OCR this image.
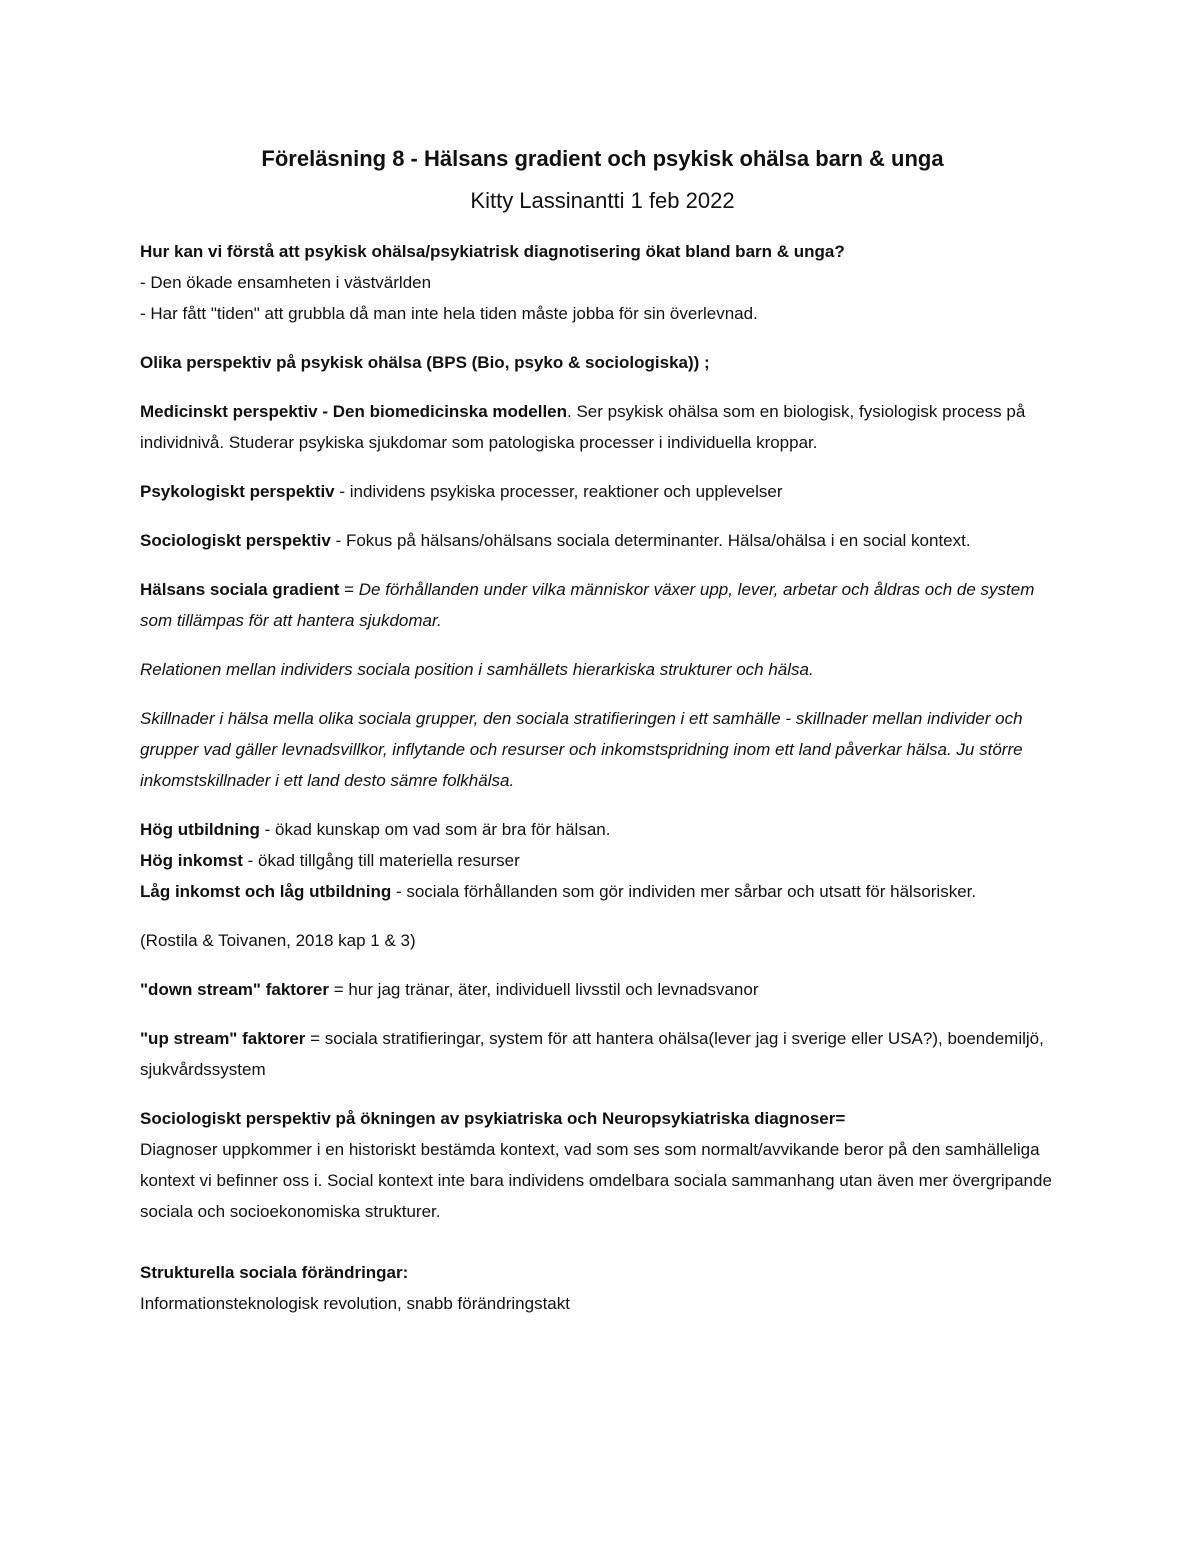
Föreläsning 8 - Hälsans gradient och psykisk ohälsa barn & unga
Kitty Lassinantti 1 feb 2022

Hur kan vi förstå att psykisk ohälsa/psykiatrisk diagnotisering ökat bland barn & unga?
- Den ökade ensamheten i västvärlden
- Har fått "tiden" att grubbla då man inte hela tiden måste jobba för sin överlevnad.

Olika perspektiv på psykisk ohälsa (BPS (Bio, psyko & sociologiska)) ;

Medicinskt perspektiv - Den biomedicinska modellen. Ser psykisk ohälsa som en biologisk, fysiologisk process på individnivå. Studerar psykiska sjukdomar som patologiska processer i individuella kroppar.

Psykologiskt perspektiv - individens psykiska processer, reaktioner och upplevelser

Sociologiskt perspektiv - Fokus på hälsans/ohälsans sociala determinanter. Hälsa/ohälsa i en social kontext.

Hälsans sociala gradient = De förhållanden under vilka människor växer upp, lever, arbetar och åldras och de system som tillämpas för att hantera sjukdomar.

Relationen mellan individers sociala position i samhällets hierarkiska strukturer och hälsa.

Skillnader i hälsa mella olika sociala grupper, den sociala stratifieringen i ett samhälle - skillnader mellan individer och grupper vad gäller levnadsvillkor, inflytande och resurser och inkomstspridning inom ett land påverkar hälsa. Ju större inkomstskillnader i ett land desto sämre folkhälsa.

Hög utbildning - ökad kunskap om vad som är bra för hälsan.
Hög inkomst - ökad tillgång till materiella resurser
Låg inkomst och låg utbildning - sociala förhållanden som gör individen mer sårbar och utsatt för hälsorisker.

(Rostila & Toivanen, 2018 kap 1 & 3)

"down stream" faktorer = hur jag tränar, äter, individuell livsstil och levnadsvanor

"up stream" faktorer = sociala stratifieringar, system för att hantera ohälsa(lever jag i sverige eller USA?), boendemiljö, sjukvårdssystem

Sociologiskt perspektiv på ökningen av psykiatriska och Neuropsykiatriska diagnoser=
Diagnoser uppkommer i en historiskt bestämda kontext, vad som ses som normalt/avvikande beror på den samhälleliga kontext vi befinner oss i. Social kontext inte bara individens omdelbara sociala sammanhang utan även mer övergripande sociala och socioekonomiska strukturer.

Strukturella sociala förändringar:
Informationsteknologisk revolution, snabb förändringstakt
